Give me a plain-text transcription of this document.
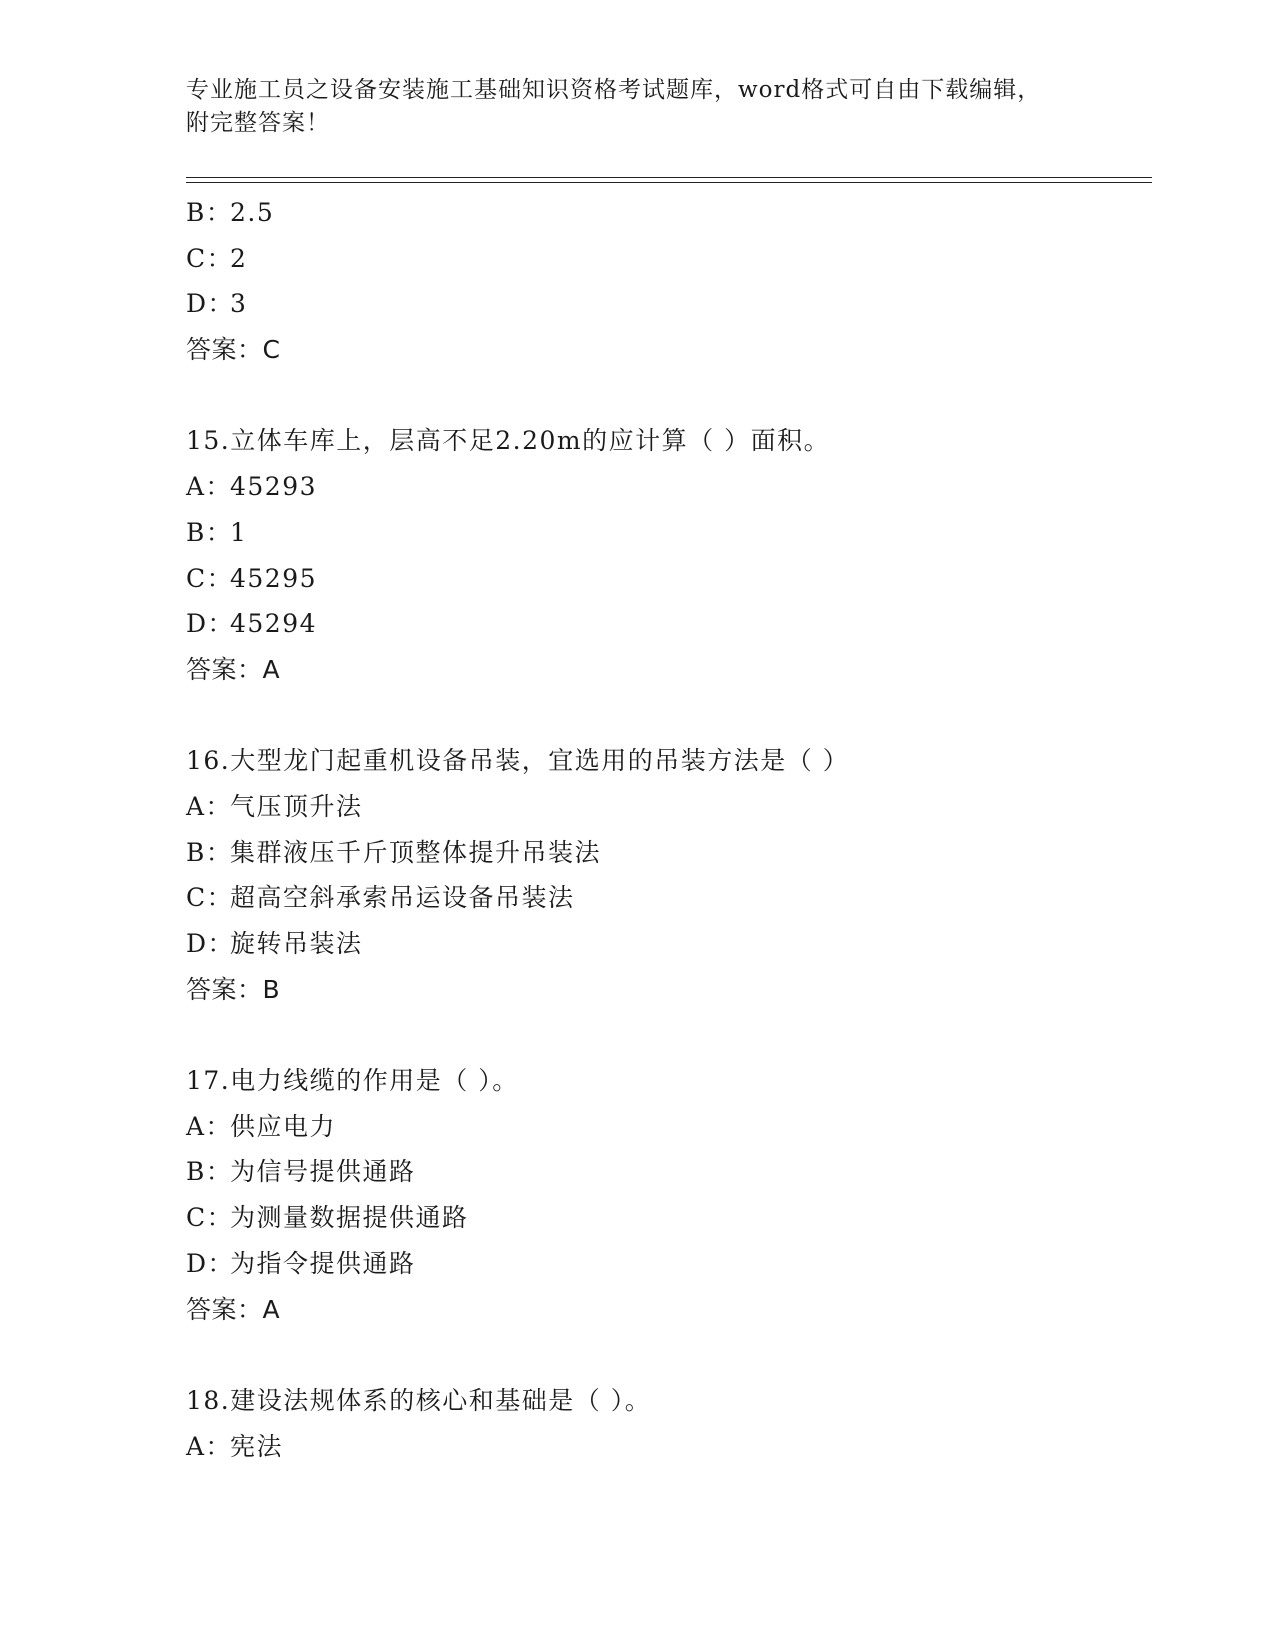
专业施工员之设备安装施工基础知识资格考试题库，word格式可自由下载编辑，
附完整答案！
B：2.5
C：2
D：3
答案：C
15.立体车库上，层高不足2.20m的应计算（ ）面积。
A：45293
B：1
C：45295
D：45294
答案：A
16.大型龙门起重机设备吊装，宜选用的吊装方法是（ ）
A：气压顶升法
B：集群液压千斤顶整体提升吊装法
C：超高空斜承索吊运设备吊装法
D：旋转吊装法
答案：B
17.电力线缆的作用是（ ）。
A：供应电力
B：为信号提供通路
C：为测量数据提供通路
D：为指令提供通路
答案：A
18.建设法规体系的核心和基础是（ ）。
A：宪法
